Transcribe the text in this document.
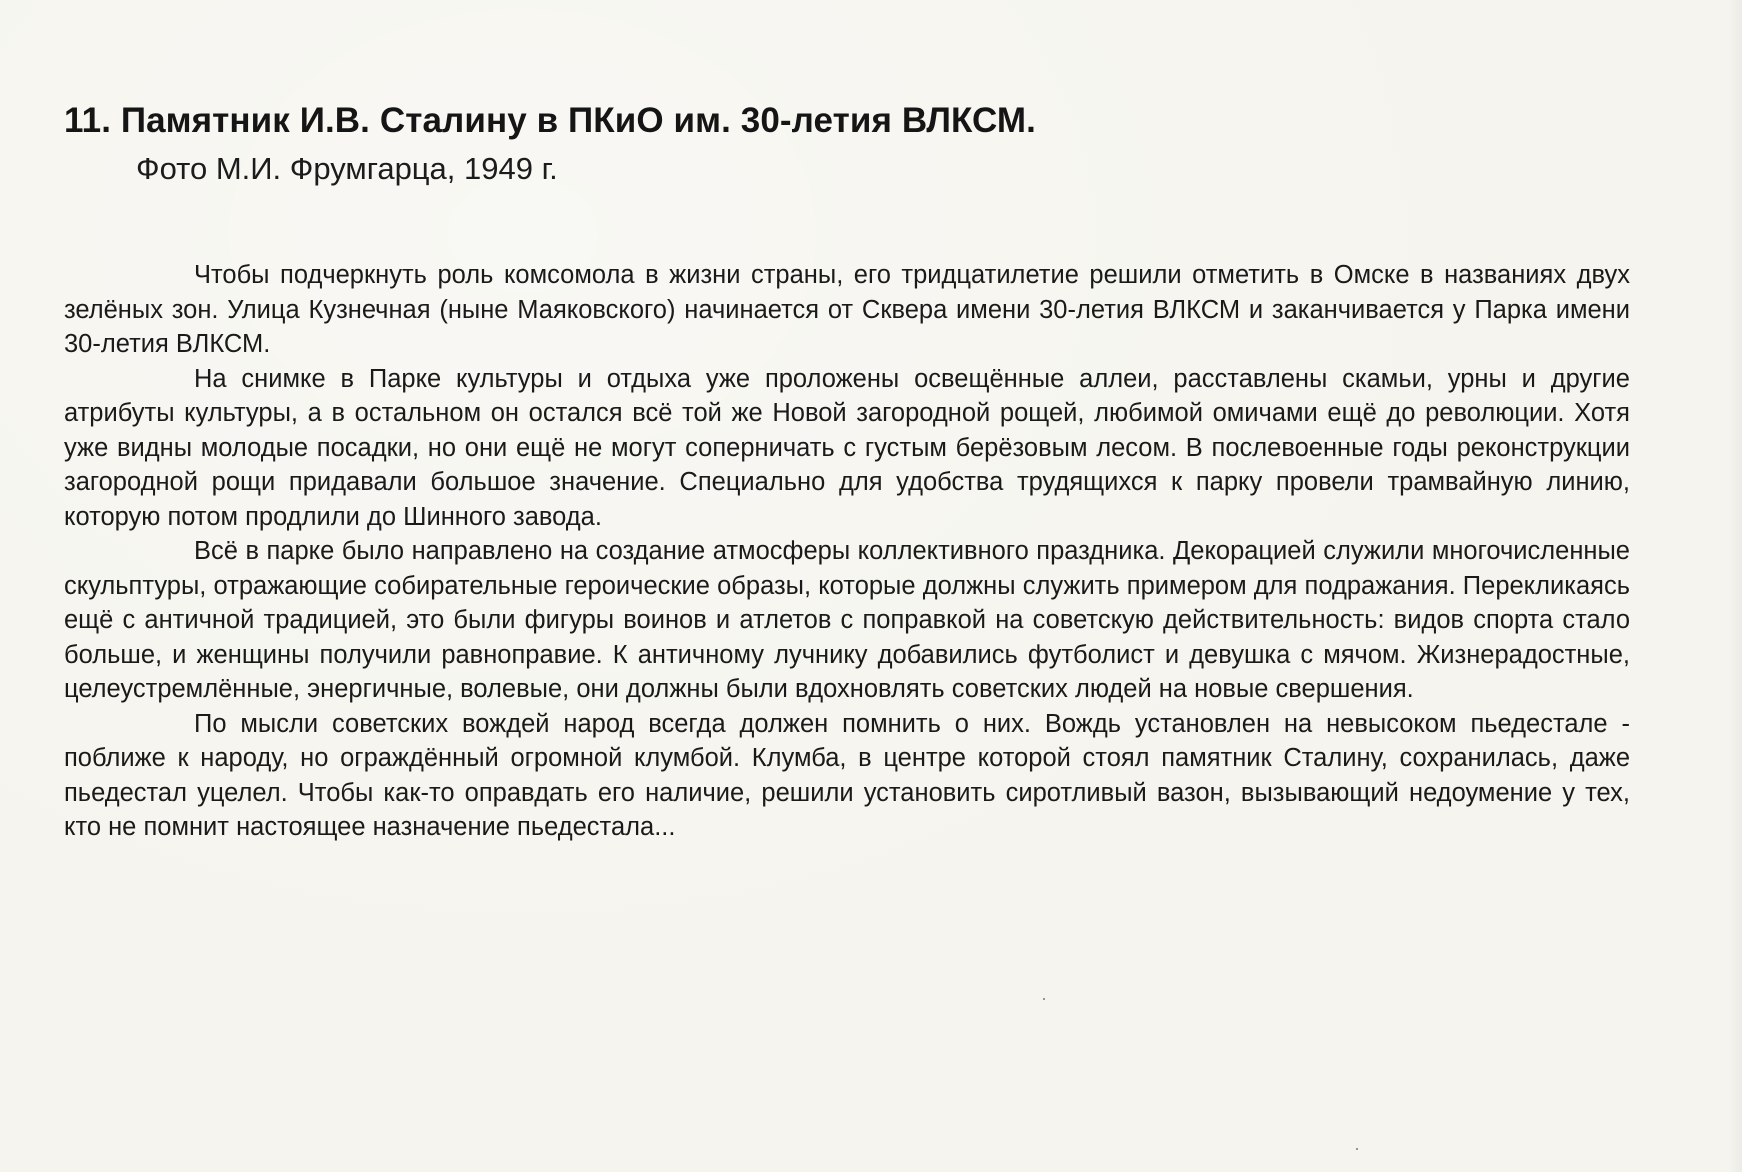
11. Памятник И.В. Сталину в ПКиО им. 30-летия ВЛКСМ.
Фото М.И. Фрумгарца, 1949 г.

Чтобы подчеркнуть роль комсомола в жизни страны, его тридцатилетие решили отметить в Омске в названиях двух зелёных зон. Улица Кузнечная (ныне Маяковского) начинается от Сквера имени 30-летия ВЛКСМ и заканчивается у Парка имени 30-летия ВЛКСМ.

На снимке в Парке культуры и отдыха уже проложены освещённые аллеи, расставлены скамьи, урны и другие атрибуты культуры, а в остальном он остался всё той же Новой загородной рощей, любимой омичами ещё до революции. Хотя уже видны молодые посадки, но они ещё не могут соперничать с густым берёзовым лесом. В послевоенные годы реконструкции загородной рощи придавали большое значение. Специально для удобства трудящихся к парку провели трамвайную линию, которую потом продлили до Шинного завода.

Всё в парке было направлено на создание атмосферы коллективного праздника. Декорацией служили многочисленные скульптуры, отражающие собирательные героические образы, которые должны служить примером для подражания. Перекликаясь ещё с античной традицией, это были фигуры воинов и атлетов с поправкой на советскую действительность: видов спорта стало больше, и женщины получили равноправие. К античному лучнику добавились футболист и девушка с мячом. Жизнерадостные, целеустремлённые, энергичные, волевые, они должны были вдохновлять советских людей на новые свершения.

По мысли советских вождей народ всегда должен помнить о них. Вождь установлен на невысоком пьедестале - поближе к народу, но ограждённый огромной клумбой. Клумба, в центре которой стоял памятник Сталину, сохранилась, даже пьедестал уцелел. Чтобы как-то оправдать его наличие, решили установить сиротливый вазон, вызывающий недоумение у тех, кто не помнит настоящее назначение пьедестала...
